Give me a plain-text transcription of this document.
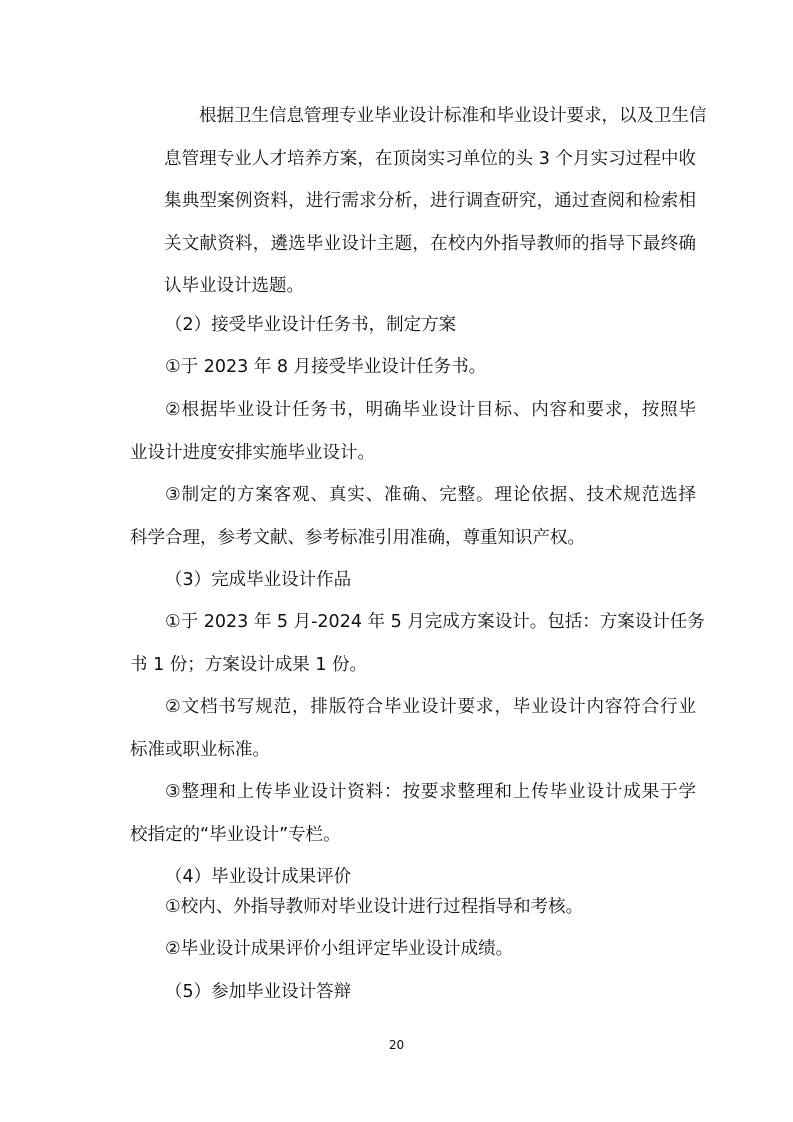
根据卫生信息管理专业毕业设计标准和毕业设计要求，以及卫生信
息管理专业人才培养方案，在顶岗实习单位的头 3 个月实习过程中收
集典型案例资料，进行需求分析，进行调查研究，通过查阅和检索相
关文献资料，遴选毕业设计主题，在校内外指导教师的指导下最终确
认毕业设计选题。

（2）接受毕业设计任务书，制定方案

①于 2023 年 8 月接受毕业设计任务书。

②根据毕业设计任务书，明确毕业设计目标、内容和要求，按照毕
业设计进度安排实施毕业设计。

③制定的方案客观、真实、准确、完整。理论依据、技术规范选择
科学合理，参考文献、参考标准引用准确，尊重知识产权。

（3）完成毕业设计作品

①于 2023 年 5 月-2024 年 5 月完成方案设计。包括：方案设计任务
书 1 份；方案设计成果 1 份。

②文档书写规范，排版符合毕业设计要求，毕业设计内容符合行业
标准或职业标准。

③整理和上传毕业设计资料：按要求整理和上传毕业设计成果于学
校指定的“毕业设计”专栏。

（4）毕业设计成果评价

①校内、外指导教师对毕业设计进行过程指导和考核。

②毕业设计成果评价小组评定毕业设计成绩。

（5）参加毕业设计答辩

20
